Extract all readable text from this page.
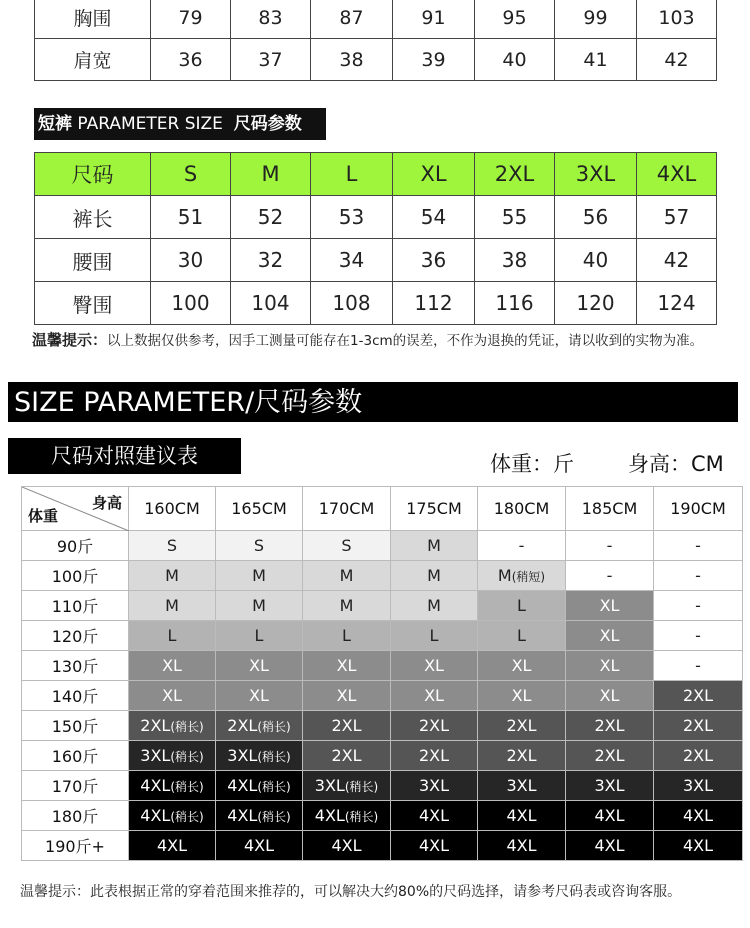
胸围	79	83	87	91	95	99	103
肩宽	36	37	38	39	40	41	42
短裤 PARAMETER SIZE  尺码参数
尺码	S	M	L	XL	2XL	3XL	4XL
裤长	51	52	53	54	55	56	57
腰围	30	32	34	36	38	40	42
臀围	100	104	108	112	116	120	124
温馨提示：以上数据仅供参考，因手工测量可能存在1-3cm的误差，不作为退换的凭证，请以收到的实物为准。
SIZE PARAMETER/尺码参数
尺码对照建议表	体重：斤	身高：CM
身高
体重	160CM	165CM	170CM	175CM	180CM	185CM	190CM
90斤	S	S	S	M	-	-	-
100斤	M	M	M	M	M(稍短)	-	-
110斤	M	M	M	M	L	XL	-
120斤	L	L	L	L	L	XL	-
130斤	XL	XL	XL	XL	XL	XL	-
140斤	XL	XL	XL	XL	XL	XL	2XL
150斤	2XL(稍长)	2XL(稍长)	2XL	2XL	2XL	2XL	2XL
160斤	3XL(稍长)	3XL(稍长)	2XL	2XL	2XL	2XL	2XL
170斤	4XL(稍长)	4XL(稍长)	3XL(稍长)	3XL	3XL	3XL	3XL
180斤	4XL(稍长)	4XL(稍长)	4XL(稍长)	4XL	4XL	4XL	4XL
190斤+	4XL	4XL	4XL	4XL	4XL	4XL	4XL
温馨提示：此表根据正常的穿着范围来推荐的，可以解决大约80%的尺码选择，请参考尺码表或咨询客服。
